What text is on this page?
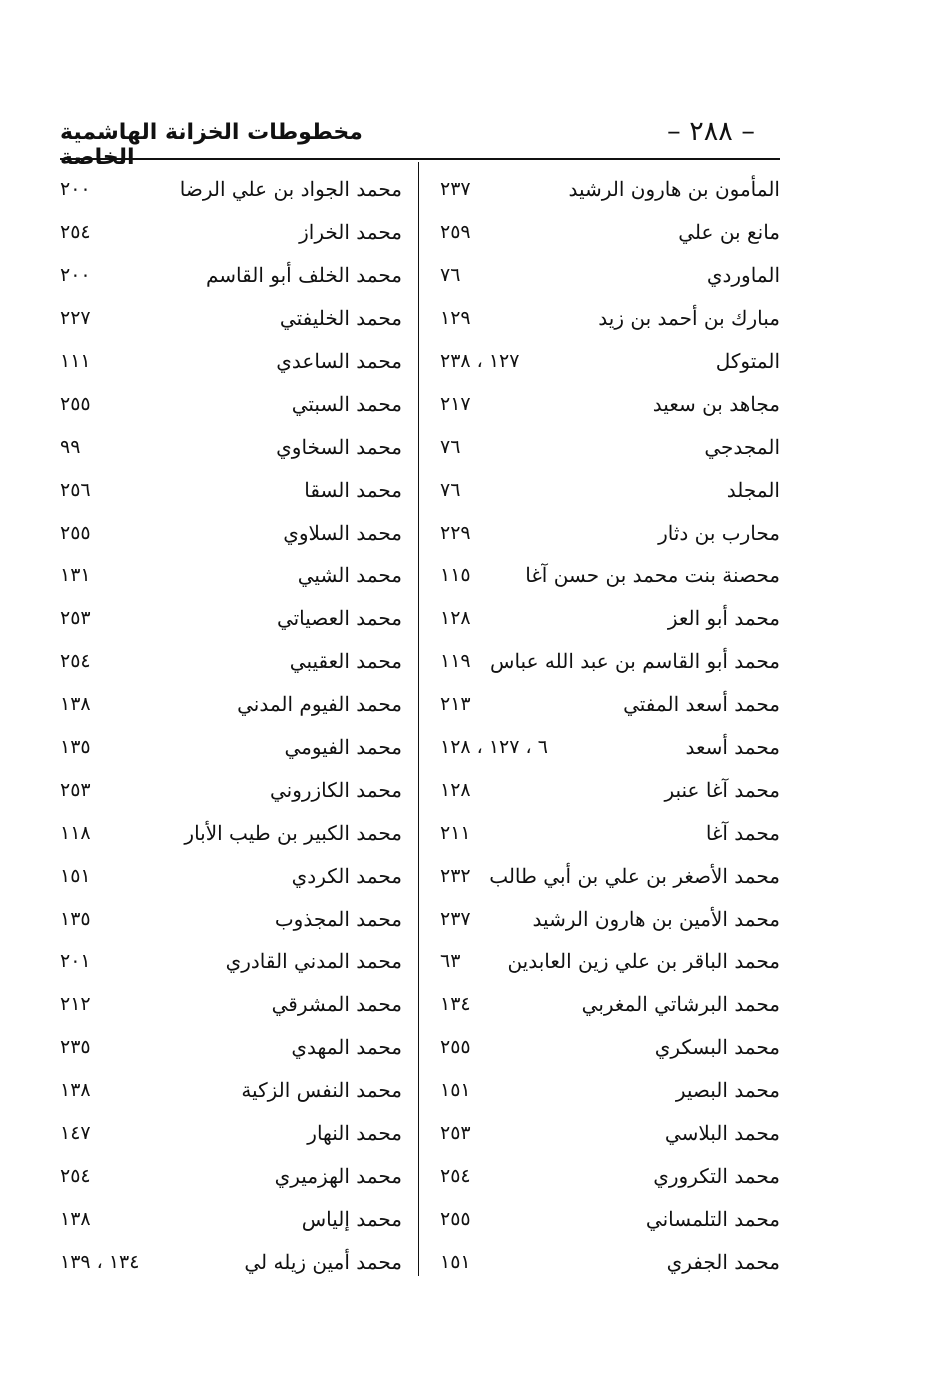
– ٢٨٨ –
مخطوطات الخزانة الهاشمية الخاصة
المأمون بن هارون الرشيد
٢٣٧
مانع بن علي
٢٥٩
الماوردي
٧٦
مبارك بن أحمد بن زيد
١٢٩
المتوكل
١٢٧ ، ٢٣٨
مجاهد بن سعيد
٢١٧
المجدجي
٧٦
المجلد
٧٦
محارب بن دثار
٢٢٩
محصنة بنت محمد بن حسن آغا
١١٥
محمد أبو العز
١٢٨
محمد أبو القاسم بن عبد الله عباس
١١٩
محمد أسعد المفتي
٢١٣
محمد أسعد
٦ ، ١٢٧ ، ١٢٨
محمد آغا عنبر
١٢٨
محمد آغا
٢١١
محمد الأصغر بن علي بن أبي طالب
٢٣٢
محمد الأمين بن هارون الرشيد
٢٣٧
محمد الباقر بن علي زين العابدين
٦٣
محمد البرشاتي المغربي
١٣٤
محمد البسكري
٢٥٥
محمد البصير
١٥١
محمد البلاسي
٢٥٣
محمد التكروري
٢٥٤
محمد التلمساني
٢٥٥
محمد الجفري
١٥١
محمد الجواد بن علي الرضا
٢٠٠
محمد الخراز
٢٥٤
محمد الخلف أبو القاسم
٢٠٠
محمد الخليفتي
٢٢٧
محمد الساعدي
١١١
محمد السبتي
٢٥٥
محمد السخاوي
٩٩
محمد السقا
٢٥٦
محمد السلاوي
٢٥٥
محمد الشيي
١٣١
محمد العصياتي
٢٥٣
محمد العقيبي
٢٥٤
محمد الفيوم المدني
١٣٨
محمد الفيومي
١٣٥
محمد الكازروني
٢٥٣
محمد الكبير بن طيب الأبار
١١٨
محمد الكردي
١٥١
محمد المجذوب
١٣٥
محمد المدني القادري
٢٠١
محمد المشرقي
٢١٢
محمد المهدي
٢٣٥
محمد النفس الزكية
١٣٨
محمد النهار
١٤٧
محمد الهزميري
٢٥٤
محمد إلياس
١٣٨
محمد أمين زيله لي
١٣٤ ، ١٣٩
